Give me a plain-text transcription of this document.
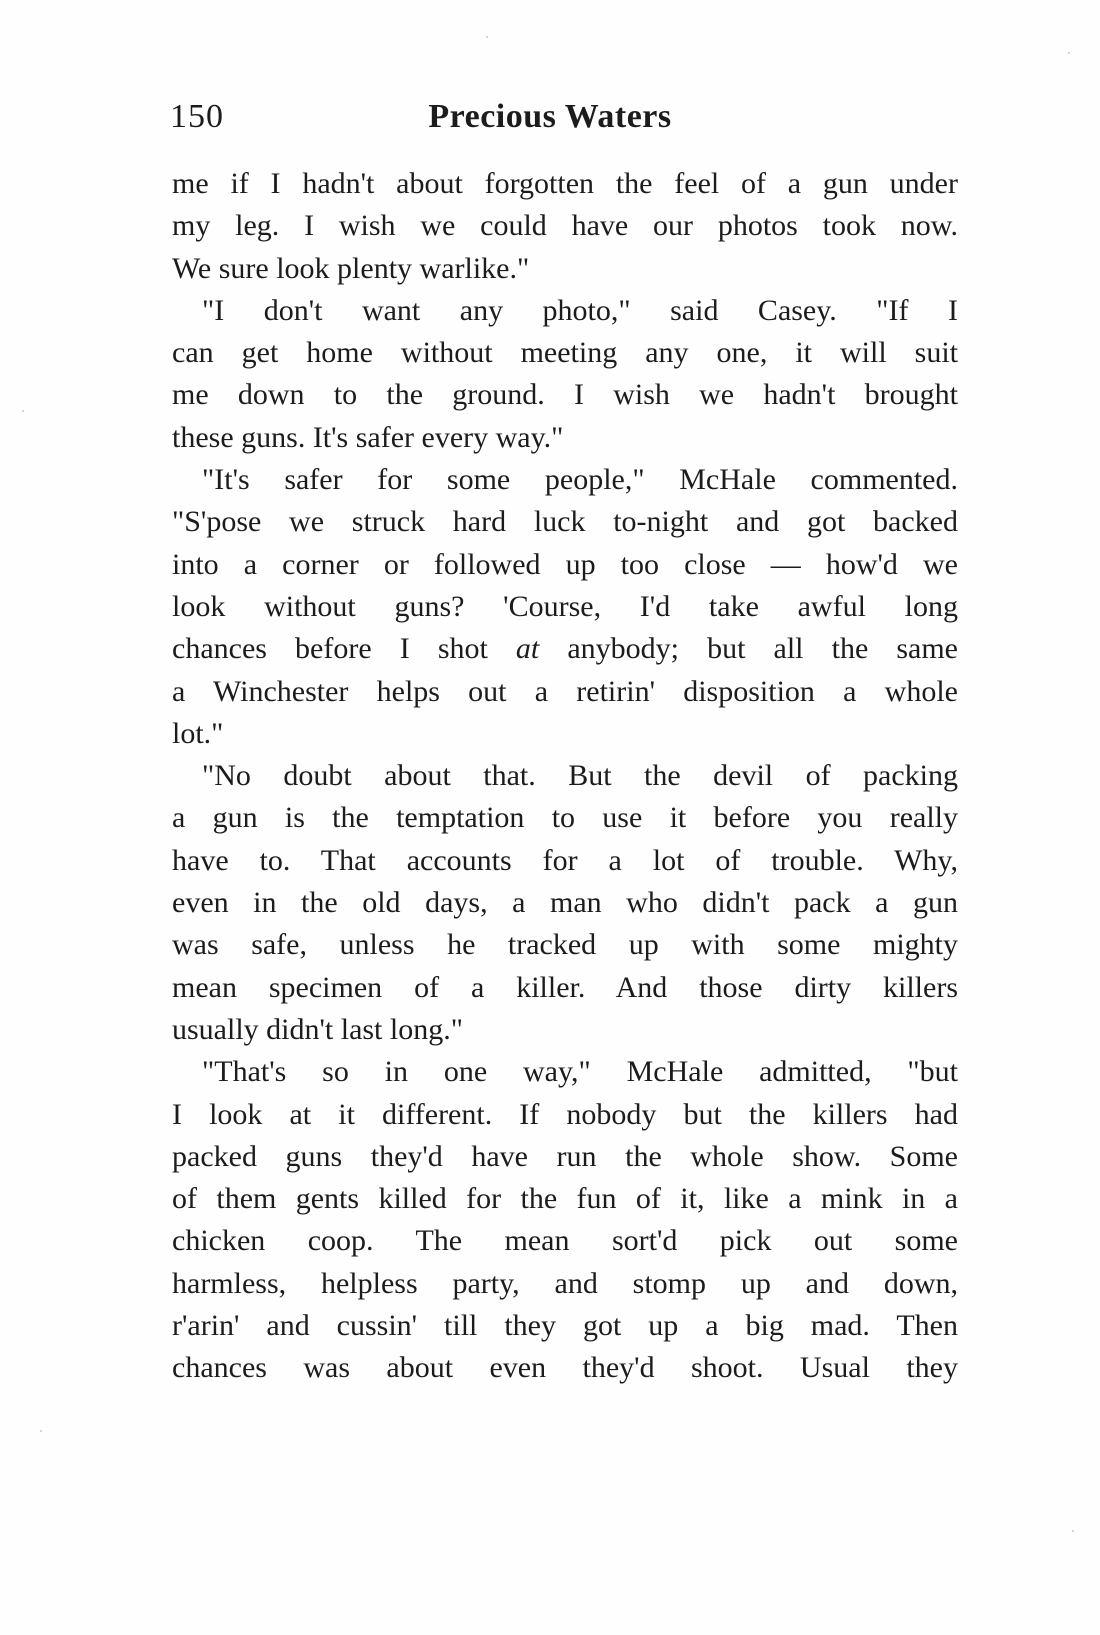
150	Precious Waters
me if I hadn't about forgotten the feel of a gun under
my leg. I wish we could have our photos took now.
We sure look plenty warlike."
"I don't want any photo," said Casey. "If I
can get home without meeting any one, it will suit
me down to the ground. I wish we hadn't brought
these guns. It's safer every way."
"It's safer for some people," McHale commented.
"S'pose we struck hard luck to-night and got backed
into a corner or followed up too close — how'd we
look without guns? 'Course, I'd take awful long
chances before I shot at anybody; but all the same
a Winchester helps out a retirin' disposition a whole
lot."
"No doubt about that. But the devil of packing
a gun is the temptation to use it before you really
have to. That accounts for a lot of trouble. Why,
even in the old days, a man who didn't pack a gun
was safe, unless he tracked up with some mighty
mean specimen of a killer. And those dirty killers
usually didn't last long."
"That's so in one way," McHale admitted, "but
I look at it different. If nobody but the killers had
packed guns they'd have run the whole show. Some
of them gents killed for the fun of it, like a mink in a
chicken coop. The mean sort'd pick out some
harmless, helpless party, and stomp up and down,
r'arin' and cussin' till they got up a big mad. Then
chances was about even they'd shoot. Usual they
